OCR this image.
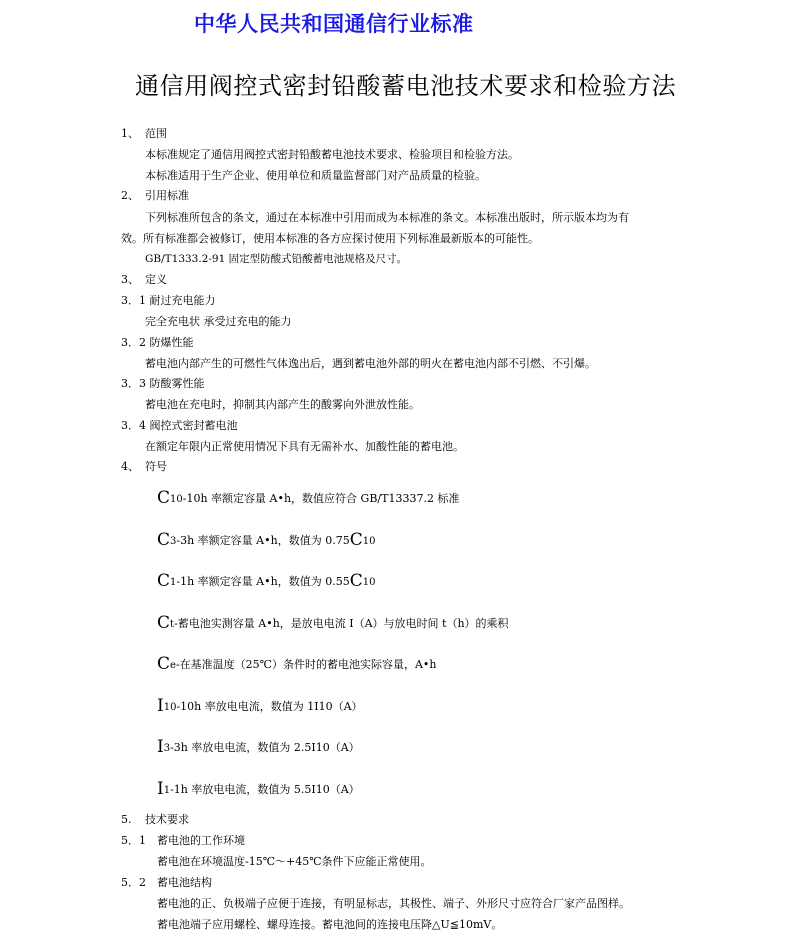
中华人民共和国通信行业标准
通信用阀控式密封铅酸蓄电池技术要求和检验方法
1、 范围
本标准规定了通信用阀控式密封铅酸蓄电池技术要求、检验项目和检验方法。
本标准适用于生产企业、使用单位和质量监督部门对产品质量的检验。
2、 引用标准
下列标准所包含的条文，通过在本标准中引用而成为本标准的条文。本标准出版时，所示版本均为有
效。所有标准都会被修订，使用本标准的各方应探讨使用下列标准最新版本的可能性。
GB/T1333.2-91 固定型防酸式铅酸蓄电池规格及尺寸。
3、 定义
3．1 耐过充电能力
完全充电状 承受过充电的能力
3．2 防爆性能
蓄电池内部产生的可燃性气体逸出后，遇到蓄电池外部的明火在蓄电池内部不引燃、不引爆。
3．3 防酸雾性能
蓄电池在充电时，抑制其内部产生的酸雾向外泄放性能。
3．4 阀控式密封蓄电池
在额定年限内正常使用情况下具有无需补水、加酸性能的蓄电池。
4、 符号
C10-10h 率额定容量 A•h，数值应符合 GB/T13337.2 标准
C3-3h 率额定容量 A•h，数值为 0.75C10
C1-1h 率额定容量 A•h，数值为 0.55C10
Ct-蓄电池实测容量 A•h，是放电电流 I（A）与放电时间 t（h）的乘积
Ce-在基准温度（25℃）条件时的蓄电池实际容量，A•h
I10-10h 率放电电流，数值为 1I10（A）
I3-3h 率放电电流，数值为 2.5I10（A）
I1-1h 率放电电流，数值为 5.5I10（A）
5. 技术要求
5．1 蓄电池的工作环境
蓄电池在环境温度-15℃～+45℃条件下应能正常使用。
5．2 蓄电池结构
蓄电池的正、负极端子应便于连接，有明显标志，其极性、端子、外形尺寸应符合厂家产品图样。
蓄电池端子应用螺栓、螺母连接。蓄电池间的连接电压降△U≦10mV。
